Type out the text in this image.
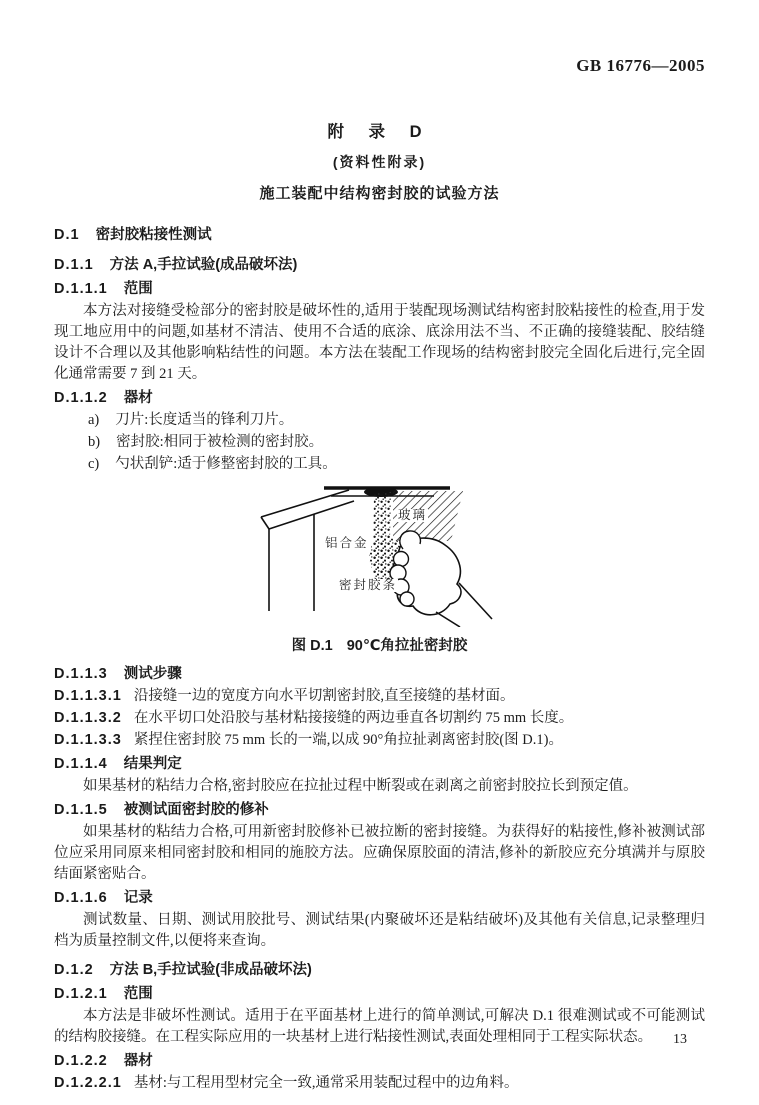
GB 16776—2005
附 录 D
(资料性附录)
施工装配中结构密封胶的试验方法
D.1 密封胶粘接性测试
D.1.1 方法 A,手拉试验(成品破坏法)
D.1.1.1 范围
本方法对接缝受检部分的密封胶是破坏性的,适用于装配现场测试结构密封胶粘接性的检查,用于发现工地应用中的问题,如基材不清洁、使用不合适的底涂、底涂用法不当、不正确的接缝装配、胶结缝设计不合理以及其他影响粘结性的问题。本方法在装配工作现场的结构密封胶完全固化后进行,完全固化通常需要 7 到 21 天。
D.1.1.2 器材
a) 刀片:长度适当的锋利刀片。
b) 密封胶:相同于被检测的密封胶。
c) 勺状刮铲:适于修整密封胶的工具。
铝合金
玻璃
密封胶条
图 D.1 90℃角拉扯密封胶
D.1.1.3 测试步骤
D.1.1.3.1 沿接缝一边的宽度方向水平切割密封胶,直至接缝的基材面。
D.1.1.3.2 在水平切口处沿胶与基材粘接接缝的两边垂直各切割约 75 mm 长度。
D.1.1.3.3 紧捏住密封胶 75 mm 长的一端,以成 90°角拉扯剥离密封胶(图 D.1)。
D.1.1.4 结果判定
如果基材的粘结力合格,密封胶应在拉扯过程中断裂或在剥离之前密封胶拉长到预定值。
D.1.1.5 被测试面密封胶的修补
如果基材的粘结力合格,可用新密封胶修补已被拉断的密封接缝。为获得好的粘接性,修补被测试部位应采用同原来相同密封胶和相同的施胶方法。应确保原胶面的清洁,修补的新胶应充分填满并与原胶结面紧密贴合。
D.1.1.6 记录
测试数量、日期、测试用胶批号、测试结果(内聚破坏还是粘结破坏)及其他有关信息,记录整理归档为质量控制文件,以便将来查询。
D.1.2 方法 B,手拉试验(非成品破坏法)
D.1.2.1 范围
本方法是非破坏性测试。适用于在平面基材上进行的简单测试,可解决 D.1 很难测试或不可能测试的结构胶接缝。在工程实际应用的一块基材上进行粘接性测试,表面处理相同于工程实际状态。
D.1.2.2 器材
D.1.2.2.1 基材:与工程用型材完全一致,通常采用装配过程中的边角料。
13
